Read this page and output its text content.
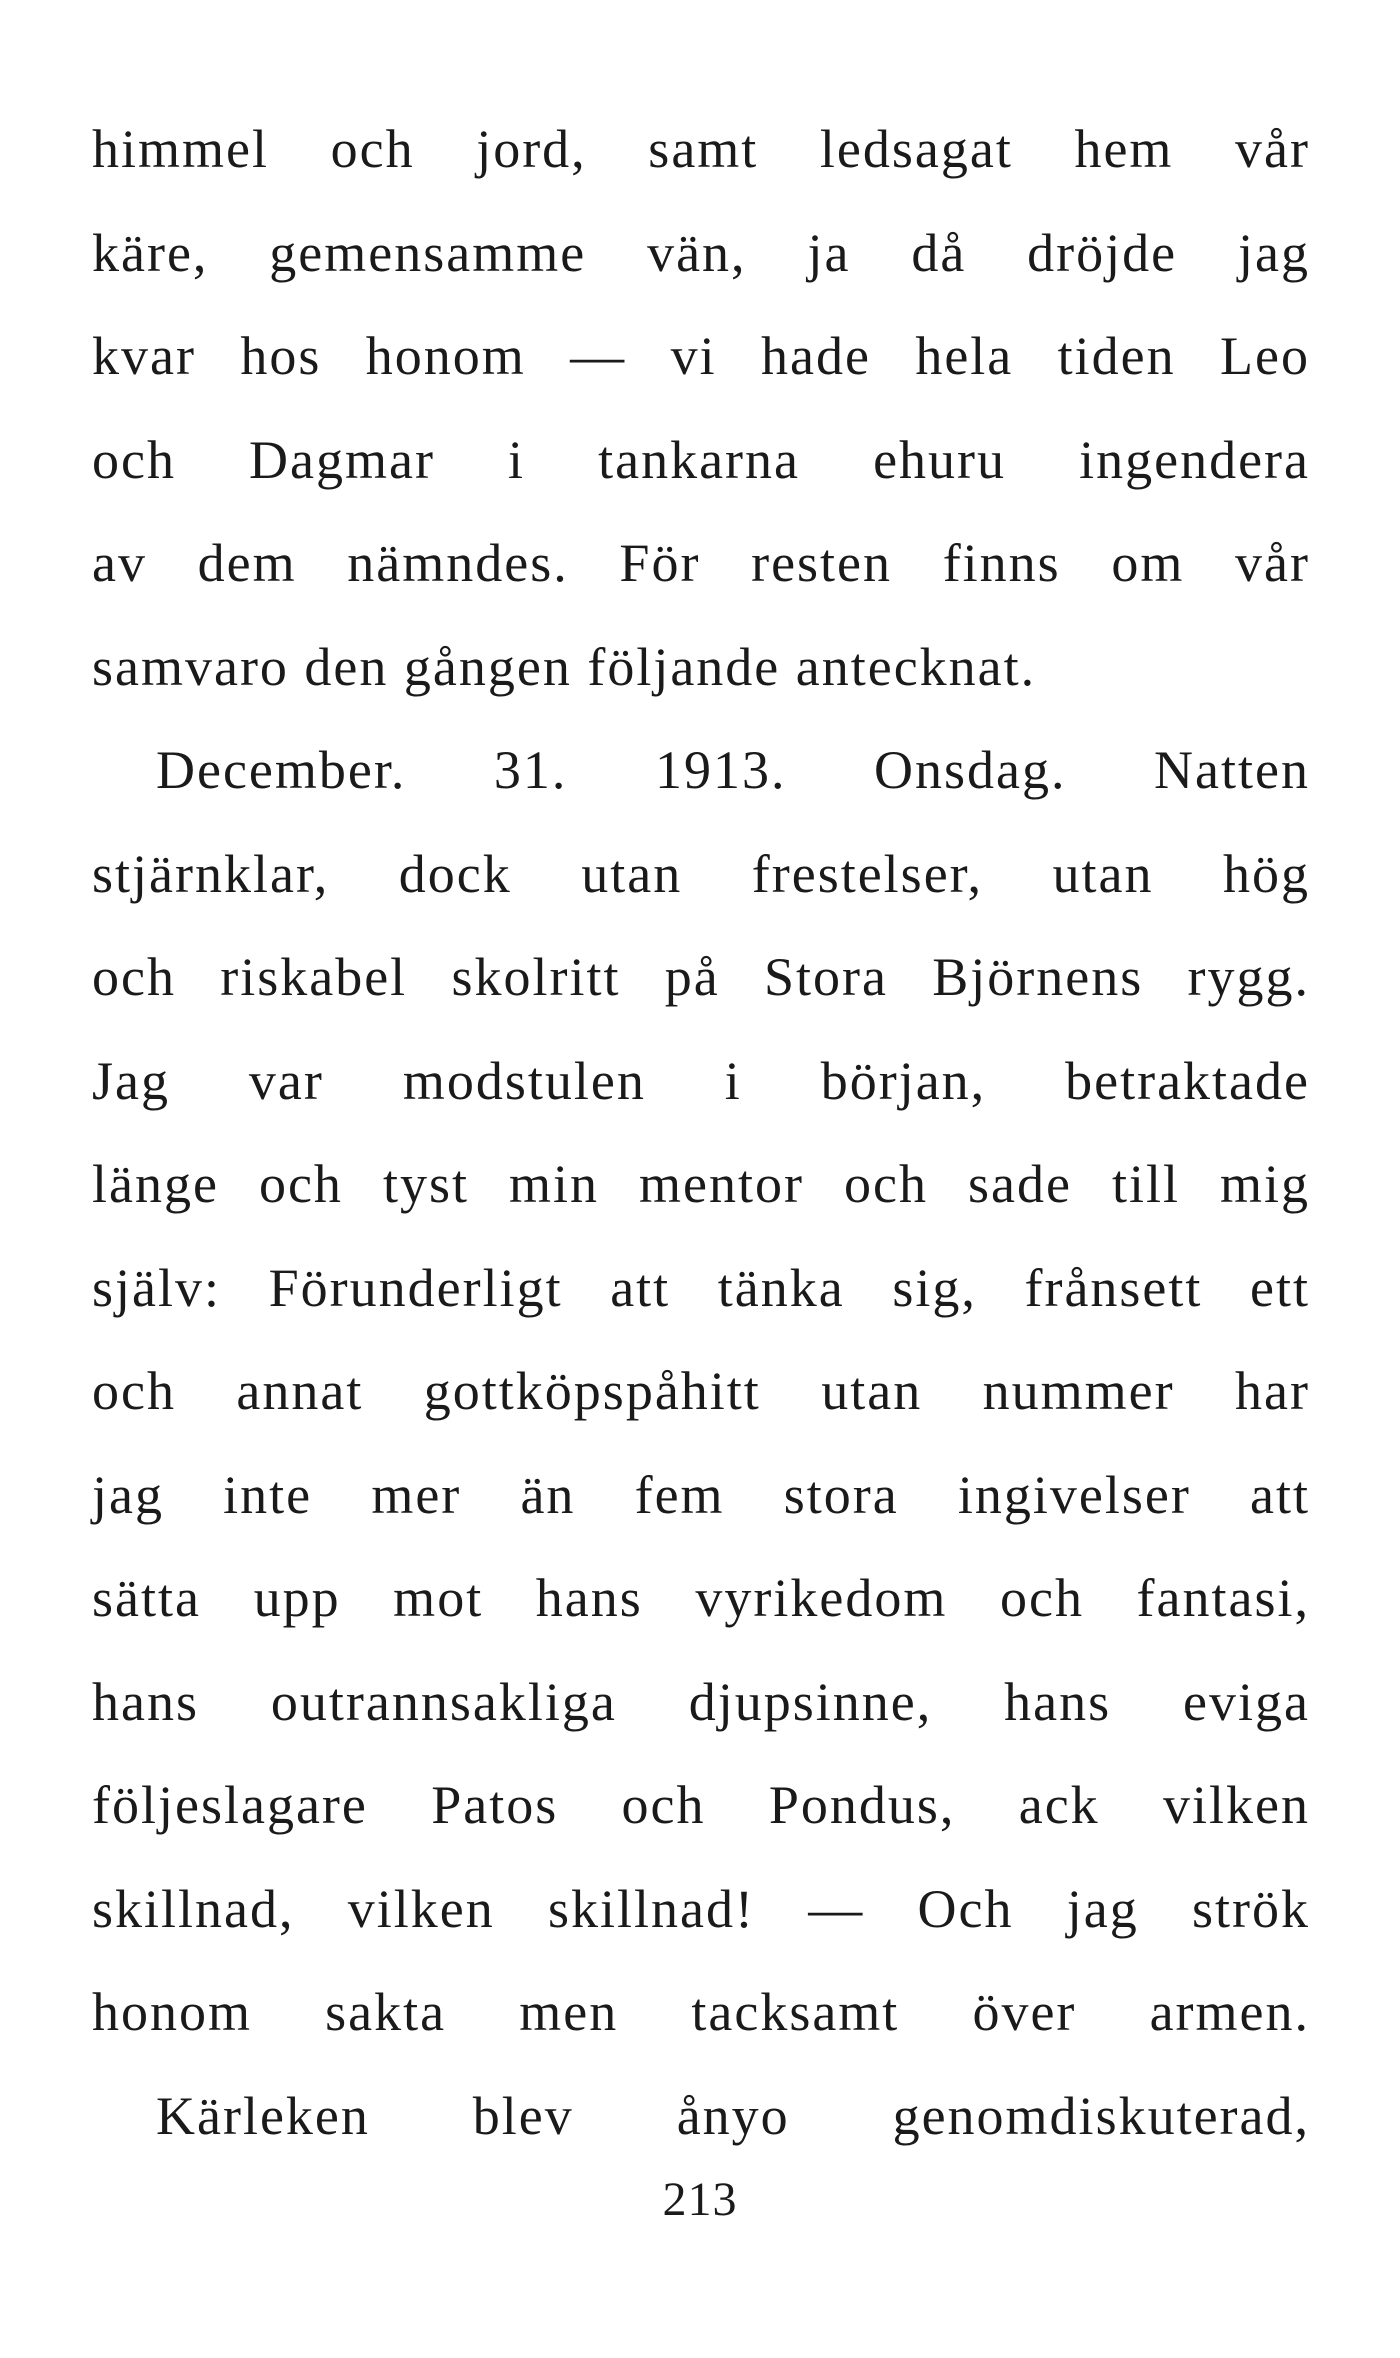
himmel och jord, samt ledsagat hem vår
käre, gemensamme vän, ja då dröjde jag
kvar hos honom — vi hade hela tiden Leo
och Dagmar i tankarna ehuru ingendera
av dem nämndes. För resten finns om vår
samvaro den gången följande antecknat.
December. 31. 1913. Onsdag. Natten
stjärnklar, dock utan frestelser, utan hög
och riskabel skolritt på Stora Björnens rygg.
Jag var modstulen i början, betraktade
länge och tyst min mentor och sade till mig
själv: Förunderligt att tänka sig, frånsett ett
och annat gottköpspåhitt utan nummer har
jag inte mer än fem stora ingivelser att
sätta upp mot hans vyrikedom och fantasi,
hans outrannsakliga djupsinne, hans eviga
följeslagare Patos och Pondus, ack vilken
skillnad, vilken skillnad! — Och jag strök
honom sakta men tacksamt över armen.
Kärleken blev ånyo genomdiskuterad,
213
